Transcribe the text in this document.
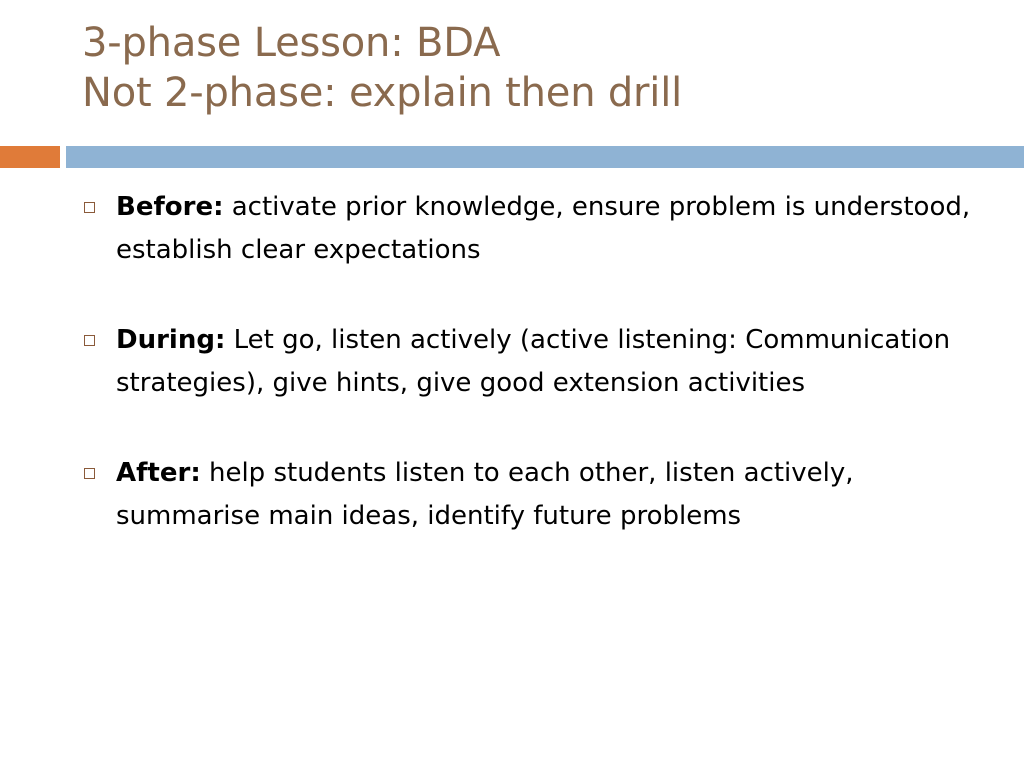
3-phase Lesson: BDA
Not 2-phase: explain then drill
Before: activate prior knowledge, ensure problem is understood, establish clear expectations
During: Let go, listen actively (active listening: Communication strategies), give hints, give good extension activities
After: help students listen to each other, listen actively, summarise main ideas, identify future problems
